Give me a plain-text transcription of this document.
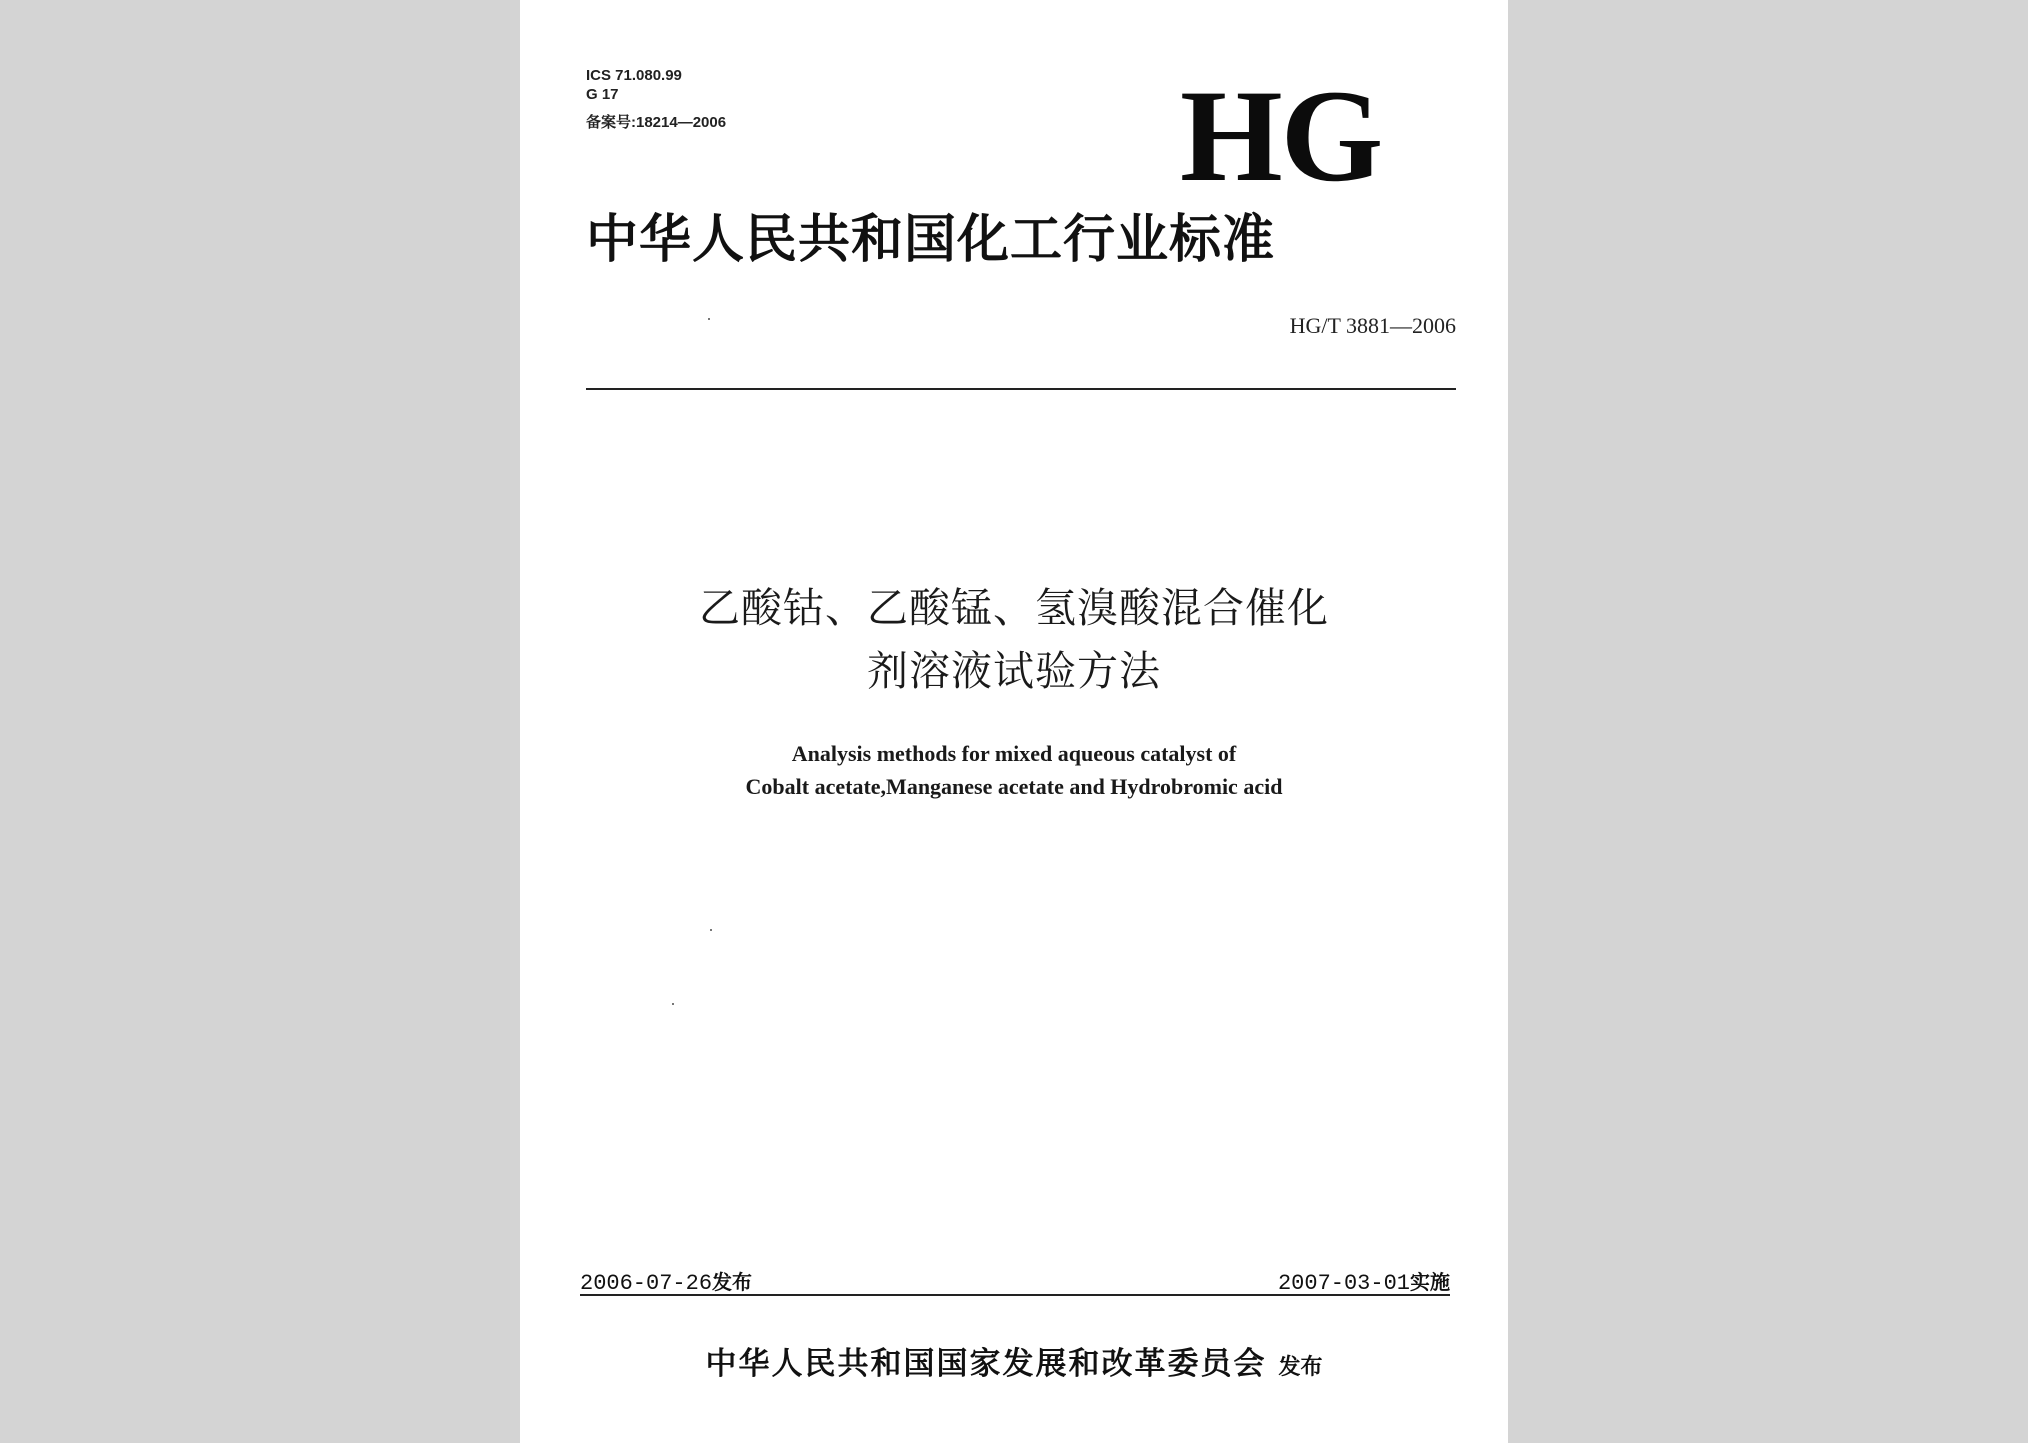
ICS 71.080.99
G 17
备案号:18214—2006	HG
中华人民共和国化工行业标准
HG/T 3881—2006
乙酸钴、乙酸锰、氢溴酸混合催化
剂溶液试验方法
Analysis methods for mixed aqueous catalyst of
Cobalt acetate,Manganese acetate and Hydrobromic acid
2006-07-26发布	2007-03-01实施
中华人民共和国国家发展和改革委员会 发布
